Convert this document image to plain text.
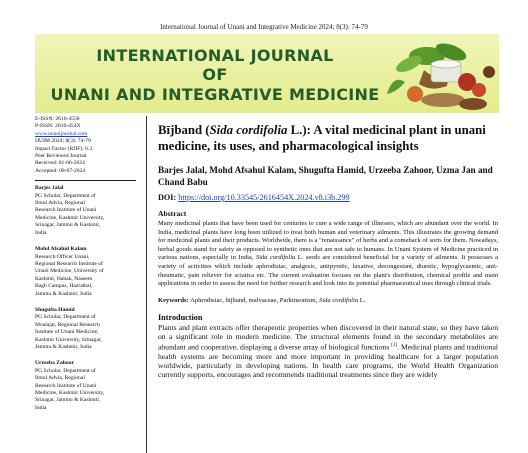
International Journal of Unani and Integrative Medicine 2024; 8(3): 74-79
INTERNATIONAL JOURNAL
OF
UNANI AND INTEGRATIVE MEDICINE
E-ISSN: 2616-4558
P-ISSN: 2616-454X
www.unanijournal.com
IJUIM 2024; 8(3): 74-79
Impact Factor (RJIF): 6.3
Peer Reviewed Journal
Received: 01-06-2024
Accepted: 08-07-2024
Barjes Jalal
PG Scholar, Department of
Ilmul Advia, Regional
Research Institute of Unani
Medicine, Kashmir University,
Srinagar, Jammu & Kashmir,
India
Mohd Afsahul Kalam
Research Officer Unani,
Regional Research Institute of
Unani Medicine, University of
Kashmir, Habak, Naseem
Bagh Campus, Hazratbal,
Jammu & Kashmir, India
Shugufta Hamid
PG Scholar, Department of
Moalajat, Regional Research
Institute of Unani Medicine,
Kashmir University, Srinagar,
Jammu & Kashmir, India
Urzeeba Zahoor
PG Scholar, Department of
Ilmul Advia, Regional
Research Institute of Unani
Medicine, Kashmir University,
Srinagar, Jammu & Kashmir,
India
Bījband (Sida cordifolia L.): A vital medicinal plant in unani medicine, its uses, and pharmacological insights
Barjes Jalal, Mohd Afsahul Kalam, Shugufta Hamid, Urzeeba Zahoor, Uzma Jan and Chand Babu
DOI: https://doi.org/10.33545/2616454X.2024.v8.i3b.299
Abstract
Many medicinal plants that have been used for centuries to cure a wide range of illnesses, which are abundant over the world. In India, medicinal plants have long been utilized to treat both human and veterinary ailments. This illustrates the growing demand for medicinal plants and their products. Worldwide, there is a "renaissance" of herbs and a comeback of sorts for them. Nowadays, herbal goods stand for safety as opposed to synthetic ones that are not safe to humans. In Unani System of Medicine practiced in various nations, especially in India, Sida cordifolia L. seeds are considered beneficial for a variety of ailments. It possesses a variety of activities which include aphrodisiac, analgesic, antipyretic, laxative, decongestant, diuretic, hypoglycaemic, anti-rheumatic, pain reliever for sciatica etc. The current evaluation focuses on the plant's distribution, chemical profile and main applications in order to assess the need for further research and look into its potential pharmaceutical uses through clinical trials.
Keywords: Aphrodisiac, bījband, malvaceae, Parkinsonism, Sida cordifolia L.
Introduction
Plants and plant extracts offer therapeutic properties when discovered in their natural state, so they have taken on a significant role in modern medicine. The structural elements found in the secondary metabolites are abundant and cooperative, displaying a diverse array of biological functions [1]. Medicinal plants and traditional health systems are becoming more and more important in providing healthcare for a larger population worldwide, particularly in developing nations. In health care programs, the World Health Organization currently supports, encourages and recommends traditional treatments since they are widely
